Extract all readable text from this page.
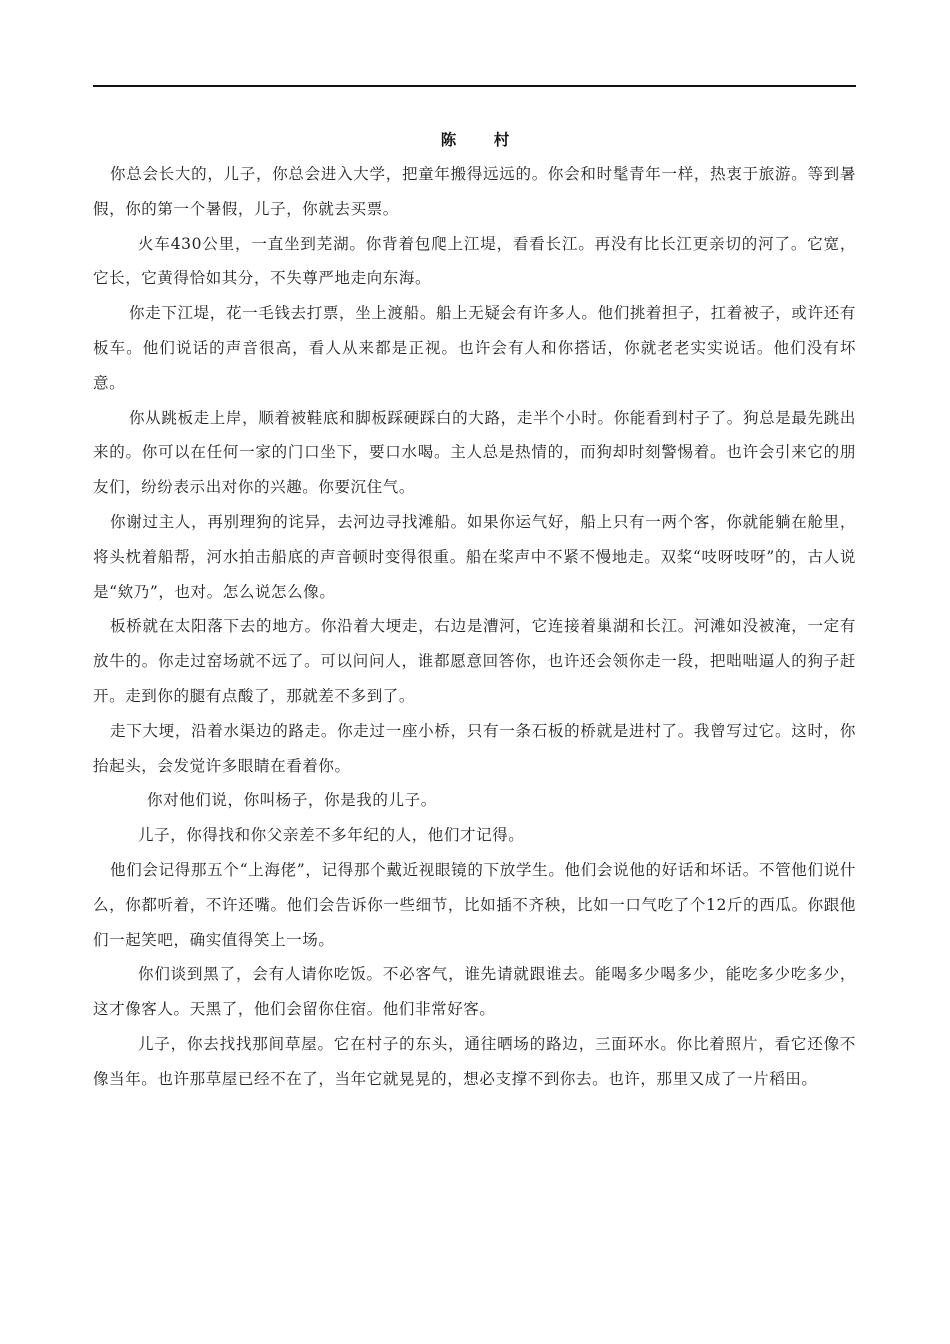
陈 村

你总会长大的，儿子，你总会进入大学，把童年搬得远远的。你会和时髦青年一样，热衷于旅游。等到暑假，你的第一个暑假，儿子，你就去买票。

火车430公里，一直坐到芜湖。你背着包爬上江堤，看看长江。再没有比长江更亲切的河了。它宽，它长，它黄得恰如其分，不失尊严地走向东海。

你走下江堤，花一毛钱去打票，坐上渡船。船上无疑会有许多人。他们挑着担子，扛着被子，或许还有板车。他们说话的声音很高，看人从来都是正视。也许会有人和你搭话，你就老老实实说话。他们没有坏意。

你从跳板走上岸，顺着被鞋底和脚板踩硬踩白的大路，走半个小时。你能看到村子了。狗总是最先跳出来的。你可以在任何一家的门口坐下，要口水喝。主人总是热情的，而狗却时刻警惕着。也许会引来它的朋友们，纷纷表示出对你的兴趣。你要沉住气。

你谢过主人，再别理狗的诧异，去河边寻找滩船。如果你运气好，船上只有一两个客，你就能躺在舱里，将头枕着船帮，河水拍击船底的声音顿时变得很重。船在桨声中不紧不慢地走。双桨“吱呀吱呀”的，古人说是“欸乃”，也对。怎么说怎么像。

板桥就在太阳落下去的地方。你沿着大埂走，右边是漕河，它连接着巢湖和长江。河滩如没被淹，一定有放牛的。你走过窑场就不远了。可以问问人，谁都愿意回答你，也许还会领你走一段，把咄咄逼人的狗子赶开。走到你的腿有点酸了，那就差不多到了。

走下大埂，沿着水渠边的路走。你走过一座小桥，只有一条石板的桥就是进村了。我曾写过它。这时，你抬起头，会发觉许多眼睛在看着你。

你对他们说，你叫杨子，你是我的儿子。

儿子，你得找和你父亲差不多年纪的人，他们才记得。

他们会记得那五个“上海佬”，记得那个戴近视眼镜的下放学生。他们会说他的好话和坏话。不管他们说什么，你都听着，不许还嘴。他们会告诉你一些细节，比如插不齐秧，比如一口气吃了个12斤的西瓜。你跟他们一起笑吧，确实值得笑上一场。

你们谈到黑了，会有人请你吃饭。不必客气，谁先请就跟谁去。能喝多少喝多少，能吃多少吃多少，这才像客人。天黑了，他们会留你住宿。他们非常好客。

儿子，你去找找那间草屋。它在村子的东头，通往晒场的路边，三面环水。你比着照片，看它还像不像当年。也许那草屋已经不在了，当年它就晃晃的，想必支撑不到你去。也许，那里又成了一片稻田。
